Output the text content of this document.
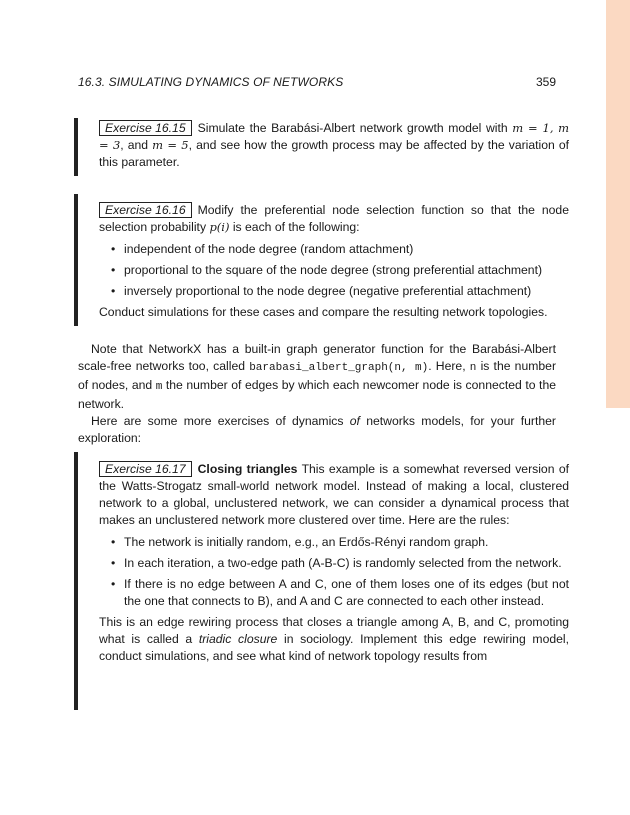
16.3. SIMULATING DYNAMICS OF NETWORKS	359

Exercise 16.15 Simulate the Barabási-Albert network growth model with m = 1, m = 3, and m = 5, and see how the growth process may be affected by the variation of this parameter.

Exercise 16.16 Modify the preferential node selection function so that the node selection probability p(i) is each of the following:

• independent of the node degree (random attachment)
• proportional to the square of the node degree (strong preferential attachment)
• inversely proportional to the node degree (negative preferential attachment)

Conduct simulations for these cases and compare the resulting network topologies.

Note that NetworkX has a built-in graph generator function for the Barabási-Albert scale-free networks too, called barabasi_albert_graph(n, m). Here, n is the number of nodes, and m the number of edges by which each newcomer node is connected to the network.

Here are some more exercises of dynamics of networks models, for your further exploration:

Exercise 16.17 Closing triangles This example is a somewhat reversed version of the Watts-Strogatz small-world network model. Instead of making a local, clustered network to a global, unclustered network, we can consider a dynamical process that makes an unclustered network more clustered over time. Here are the rules:

• The network is initially random, e.g., an Erdős-Rényi random graph.
• In each iteration, a two-edge path (A-B-C) is randomly selected from the network.
• If there is no edge between A and C, one of them loses one of its edges (but not the one that connects to B), and A and C are connected to each other instead.

This is an edge rewiring process that closes a triangle among A, B, and C, promoting what is called a triadic closure in sociology. Implement this edge rewiring model, conduct simulations, and see what kind of network topology results from
